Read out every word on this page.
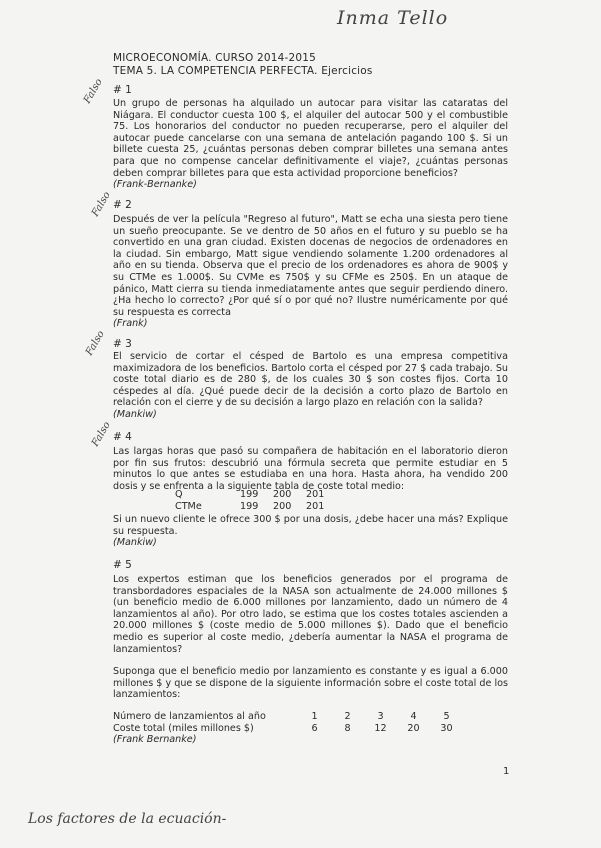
Inma Tello
Falso
Falso
Falso
Falso
MICROECONOMÍA. CURSO 2014-2015
TEMA 5. LA COMPETENCIA PERFECTA. Ejercicios
# 1
Un grupo de personas ha alquilado un autocar para visitar las cataratas del Niágara. El conductor cuesta 100 $, el alquiler del autocar 500 y el combustible 75. Los honorarios del conductor no pueden recuperarse, pero el alquiler del autocar puede cancelarse con una semana de antelación pagando 100 $. Si un billete cuesta 25, ¿cuántas personas deben comprar billetes una semana antes para que no compense cancelar definitivamente el viaje?, ¿cuántas personas deben comprar billetes para que esta actividad proporcione beneficios?
(Frank-Bernanke)
# 2
Después de ver la película "Regreso al futuro", Matt se echa una siesta pero tiene un sueño preocupante. Se ve dentro de 50 años en el futuro y su pueblo se ha convertido en una gran ciudad. Existen docenas de negocios de ordenadores en la ciudad. Sin embargo, Matt sigue vendiendo solamente 1.200 ordenadores al año en su tienda. Observa que el precio de los ordenadores es ahora de 900$ y su CTMe es 1.000$. Su CVMe es 750$ y su CFMe es 250$. En un ataque de pánico, Matt cierra su tienda inmediatamente antes que seguir perdiendo dinero. ¿Ha hecho lo correcto? ¿Por qué sí o por qué no? Ilustre numéricamente por qué su respuesta es correcta
(Frank)
# 3
El servicio de cortar el césped de Bartolo es una empresa competitiva maximizadora de los beneficios. Bartolo corta el césped por 27 $ cada trabajo. Su coste total diario es de 280 $, de los cuales 30 $ son costes fijos. Corta 10 céspedes al día. ¿Qué puede decir de la decisión a corto plazo de Bartolo en relación con el cierre y de su decisión a largo plazo en relación con la salida?
(Mankiw)
# 4
Las largas horas que pasó su compañera de habitación en el laboratorio dieron por fin sus frutos: descubrió una fórmula secreta que permite estudiar en 5 minutos lo que antes se estudiaba en una hora. Hasta ahora, ha vendido 200 dosis y se enfrenta a la siguiente tabla de coste total medio:
Q	199	200	201
CTMe	199	200	201
Si un nuevo cliente le ofrece 300 $ por una dosis, ¿debe hacer una más? Explique su respuesta.
(Mankiw)
# 5
Los expertos estiman que los beneficios generados por el programa de transbordadores espaciales de la NASA son actualmente de 24.000 millones $ (un beneficio medio de 6.000 millones por lanzamiento, dado un número de 4 lanzamientos al año). Por otro lado, se estima que los costes totales ascienden a 20.000 millones $ (coste medio de 5.000 millones $). Dado que el beneficio medio es superior al coste medio, ¿debería aumentar la NASA el programa de lanzamientos?
Suponga que el beneficio medio por lanzamiento es constante y es igual a 6.000 millones $ y que se dispone de la siguiente información sobre el coste total de los lanzamientos:
Número de lanzamientos al año	1	2	3	4	5
Coste total (miles millones $)	6	8	12	20	30
(Frank Bernanke)
1
Los factores de la ecuación-
